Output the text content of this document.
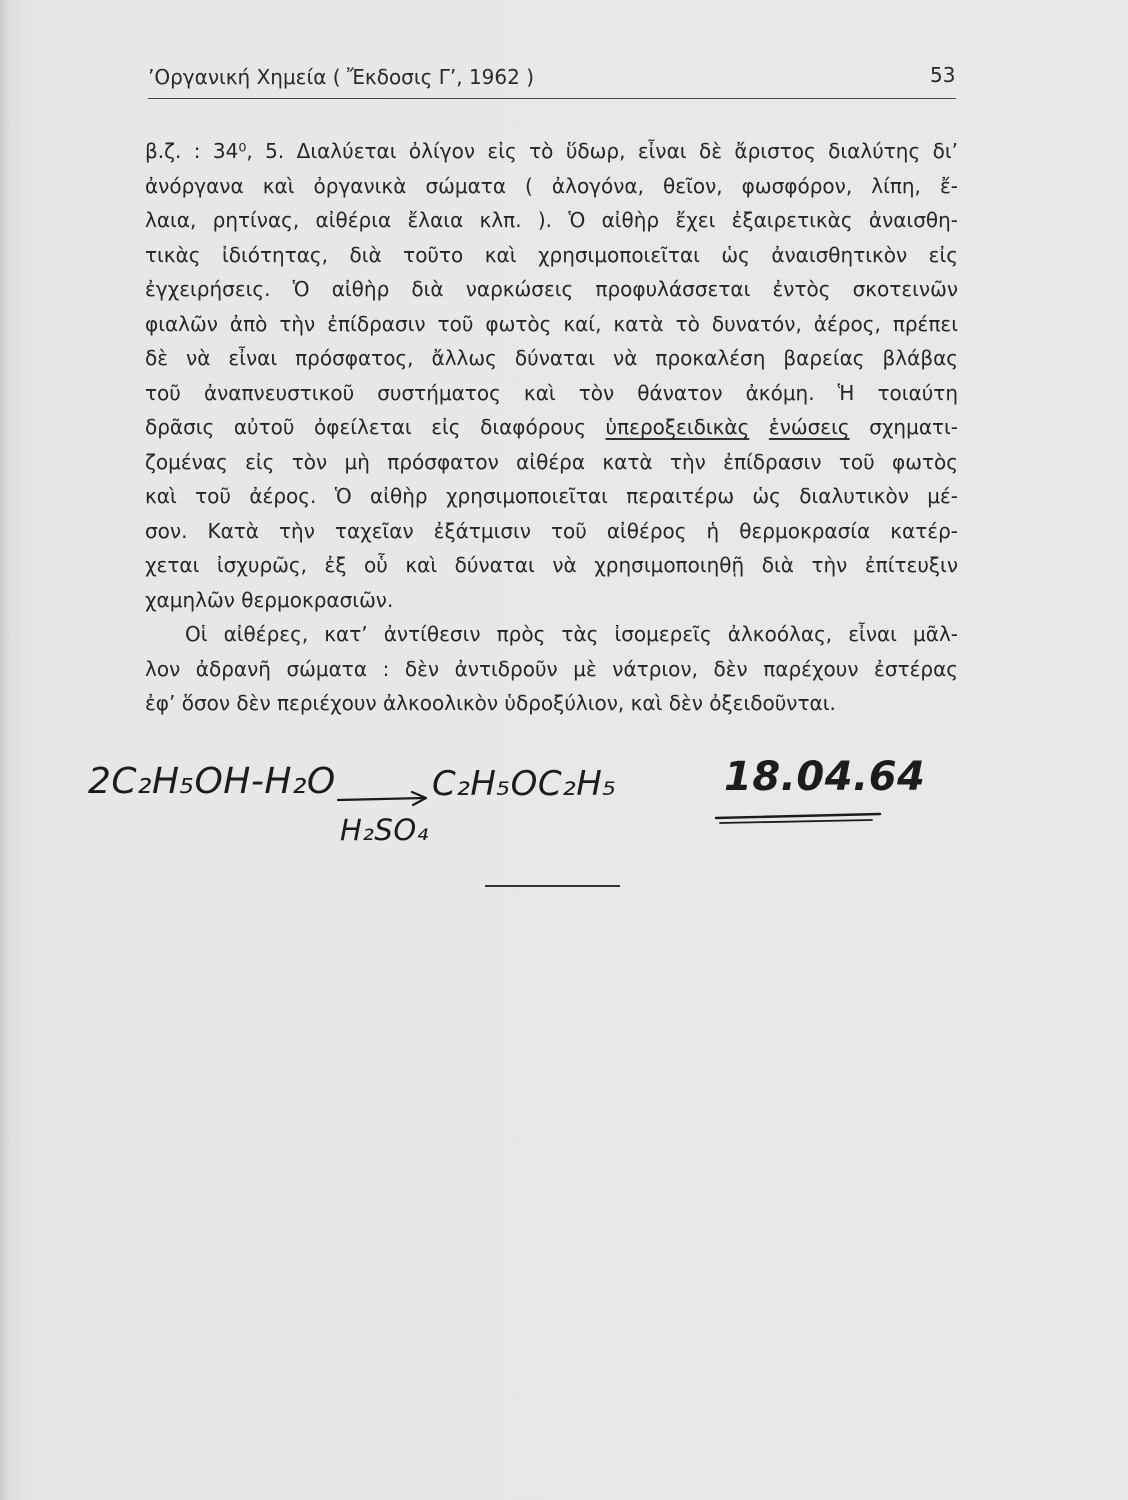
’Οργανική Χημεία ( Ἔκδοσις Γ’, 1962 )	53
β.ζ. : 34⁰, 5. Διαλύεται ὀλίγον εἰς τὸ ὕδωρ, εἶναι δὲ ἄριστος διαλύτης δι’
ἀνόργανα καὶ ὀργανικὰ σώματα ( ἀλογόνα, θεῖον, φωσφόρον, λίπη, ἔ-
λαια, ρητίνας, αἰθέρια ἔλαια κλπ. ). Ὁ αἰθὴρ ἔχει ἐξαιρετικὰς ἀναισθη-
τικὰς ἰδιότητας, διὰ τοῦτο καὶ χρησιμοποιεῖται ὡς ἀναισθητικὸν εἰς
ἐγχειρήσεις. Ὁ αἰθὴρ διὰ ναρκώσεις προφυλάσσεται ἐντὸς σκοτεινῶν
φιαλῶν ἀπὸ τὴν ἐπίδρασιν τοῦ φωτὸς καί, κατὰ τὸ δυνατόν, ἀέρος, πρέπει
δὲ νὰ εἶναι πρόσφατος, ἄλλως δύναται νὰ προκαλέση βαρείας βλάβας
τοῦ ἀναπνευστικοῦ συστήματος καὶ τὸν θάνατον ἀκόμη. Ἡ τοιαύτη
δρᾶσις αὐτοῦ ὀφείλεται εἰς διαφόρους ὑπεροξειδικὰς ἑνώσεις σχηματι-
ζομένας εἰς τὸν μὴ πρόσφατον αἰθέρα κατὰ τὴν ἐπίδρασιν τοῦ φωτὸς
καὶ τοῦ ἀέρος. Ὁ αἰθὴρ χρησιμοποιεῖται περαιτέρω ὡς διαλυτικὸν μέ-
σον. Κατὰ τὴν ταχεῖαν ἐξάτμισιν τοῦ αἰθέρος ἡ θερμοκρασία κατέρ-
χεται ἰσχυρῶς, ἐξ οὗ καὶ δύναται νὰ χρησιμοποιηθῇ διὰ τὴν ἐπίτευξιν
χαμηλῶν θερμοκρασιῶν.
Οἱ αἰθέρες, κατ’ ἀντίθεσιν πρὸς τὰς ἰσομερεῖς ἀλκοόλας, εἶναι μᾶλ-
λον ἀδρανῆ σώματα : δὲν ἀντιδροῦν μὲ νάτριον, δὲν παρέχουν ἐστέρας
ἐφ’ ὅσον δὲν περιέχουν ἀλκοολικὸν ὑδροξύλιον, καὶ δὲν ὀξειδοῦνται.
2C₂H₅OH-H₂O
H₂SO₄
C₂H₅OC₂H₅	18.04.64
